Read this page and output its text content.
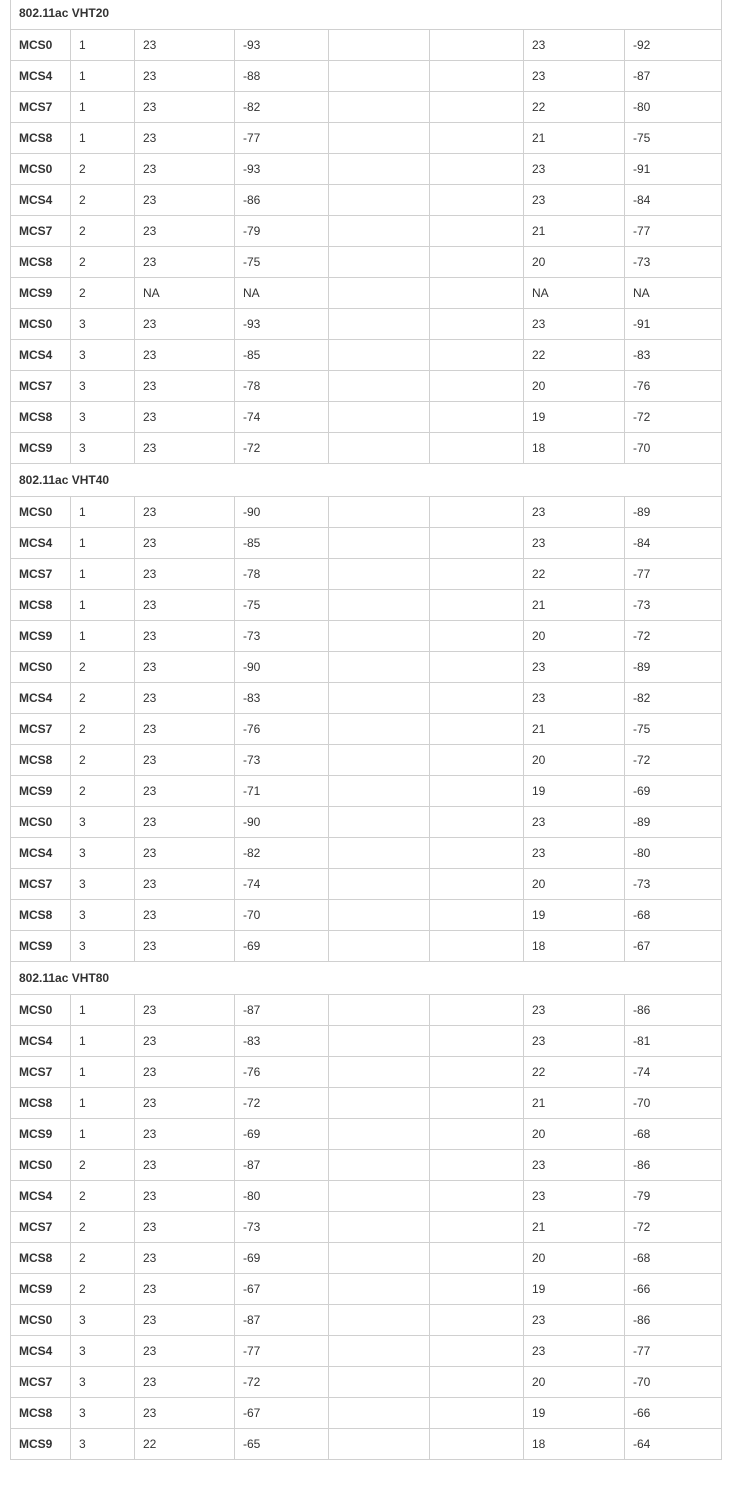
802.11ac VHT20							
MCS0	1	23	-93			23	-92
MCS4	1	23	-88			23	-87
MCS7	1	23	-82			22	-80
MCS8	1	23	-77			21	-75
MCS0	2	23	-93			23	-91
MCS4	2	23	-86			23	-84
MCS7	2	23	-79			21	-77
MCS8	2	23	-75			20	-73
MCS9	2	NA	NA			NA	NA
MCS0	3	23	-93			23	-91
MCS4	3	23	-85			22	-83
MCS7	3	23	-78			20	-76
MCS8	3	23	-74			19	-72
MCS9	3	23	-72			18	-70
802.11ac VHT40							
MCS0	1	23	-90			23	-89
MCS4	1	23	-85			23	-84
MCS7	1	23	-78			22	-77
MCS8	1	23	-75			21	-73
MCS9	1	23	-73			20	-72
MCS0	2	23	-90			23	-89
MCS4	2	23	-83			23	-82
MCS7	2	23	-76			21	-75
MCS8	2	23	-73			20	-72
MCS9	2	23	-71			19	-69
MCS0	3	23	-90			23	-89
MCS4	3	23	-82			23	-80
MCS7	3	23	-74			20	-73
MCS8	3	23	-70			19	-68
MCS9	3	23	-69			18	-67
802.11ac VHT80							
MCS0	1	23	-87			23	-86
MCS4	1	23	-83			23	-81
MCS7	1	23	-76			22	-74
MCS8	1	23	-72			21	-70
MCS9	1	23	-69			20	-68
MCS0	2	23	-87			23	-86
MCS4	2	23	-80			23	-79
MCS7	2	23	-73			21	-72
MCS8	2	23	-69			20	-68
MCS9	2	23	-67			19	-66
MCS0	3	23	-87			23	-86
MCS4	3	23	-77			23	-77
MCS7	3	23	-72			20	-70
MCS8	3	23	-67			19	-66
MCS9	3	22	-65			18	-64
